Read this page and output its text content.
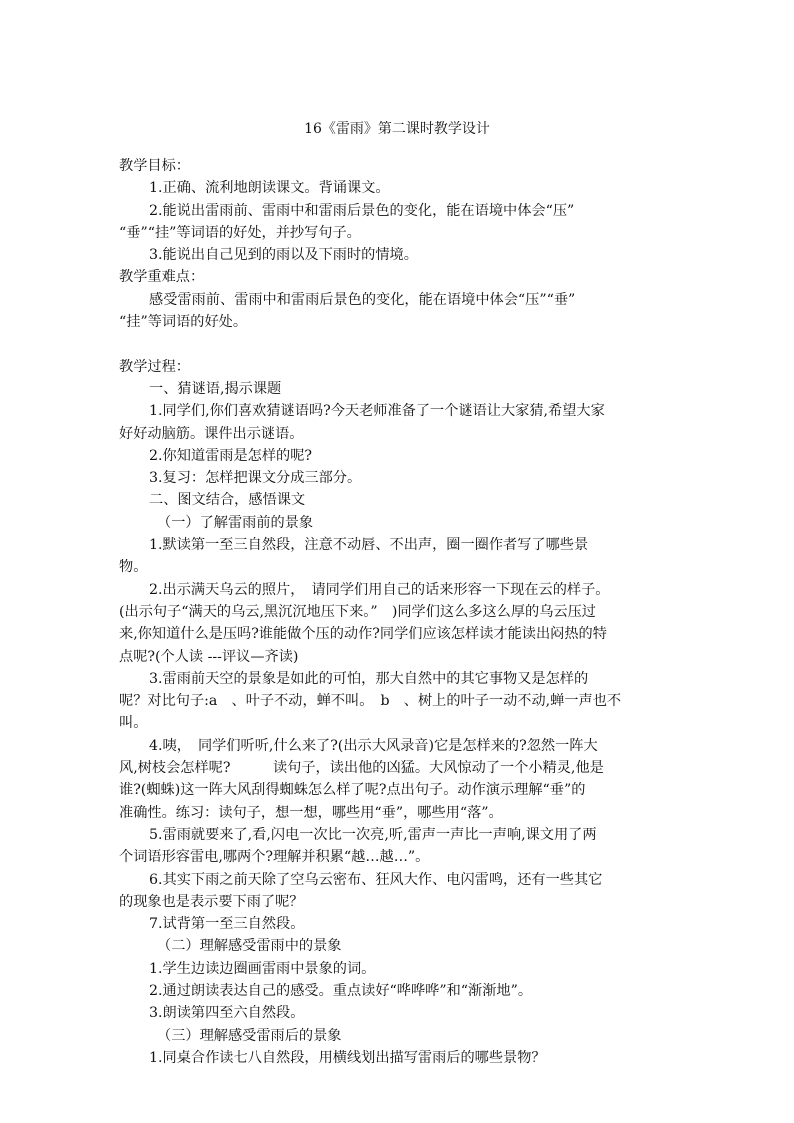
16《雷雨》第二课时教学设计

教学目标：

1.正确、流利地朗读课文。背诵课文。

2.能说出雷雨前、雷雨中和雷雨后景色的变化，能在语境中体会“压”

“垂”“挂”等词语的好处，并抄写句子。

3.能说出自己见到的雨以及下雨时的情境。

教学重难点：

感受雷雨前、雷雨中和雷雨后景色的变化，能在语境中体会“压”“垂”

“挂”等词语的好处。

教学过程：

一、猜谜语,揭示课题

1.同学们,你们喜欢猜谜语吗?今天老师准备了一个谜语让大家猜,希望大家

好好动脑筋。课件出示谜语。

2.你知道雷雨是怎样的呢?

3.复习：怎样把课文分成三部分。

二、图文结合，感悟课文

（一）了解雷雨前的景象

1.默读第一至三自然段，注意不动唇、不出声，圈一圈作者写了哪些景

物。

2.出示满天乌云的照片，　请同学们用自己的话来形容一下现在云的样子。

(出示句子“满天的乌云,黑沉沉地压下来。”　)同学们这么多这么厚的乌云压过

来,你知道什么是压吗?谁能做个压的动作?同学们应该怎样读才能读出闷热的特

点呢?(个人读 ---评议—齐读)

3.雷雨前天空的景象是如此的可怕，那大自然中的其它事物又是怎样的

呢？对比句子:a　、叶子不动，蝉不叫。　b　、树上的叶子一动不动,蝉一声也不

叫。

4.咦，　同学们听听,什么来了?(出示大风录音)它是怎样来的?忽然一阵大

风,树枝会怎样呢?　　　读句子，读出他的凶猛。大风惊动了一个小精灵,他是

谁?(蜘蛛)这一阵大风刮得蜘蛛怎么样了呢?点出句子。动作演示理解“垂”的

准确性。练习：读句子，想一想，哪些用“垂”，哪些用“落”。

5.雷雨就要来了,看,闪电一次比一次亮,听,雷声一声比一声响,课文用了两

个词语形容雷电,哪两个?理解并积累“越…越…”。

6.其实下雨之前天除了空乌云密布、狂风大作、电闪雷鸣，还有一些其它

的现象也是表示要下雨了呢？

7.试背第一至三自然段。

（二）理解感受雷雨中的景象

1.学生边读边圈画雷雨中景象的词。

2.通过朗读表达自己的感受。重点读好“哗哗哗”和“渐渐地”。

3.朗读第四至六自然段。

（三）理解感受雷雨后的景象

1.同桌合作读七八自然段，用横线划出描写雷雨后的哪些景物？
